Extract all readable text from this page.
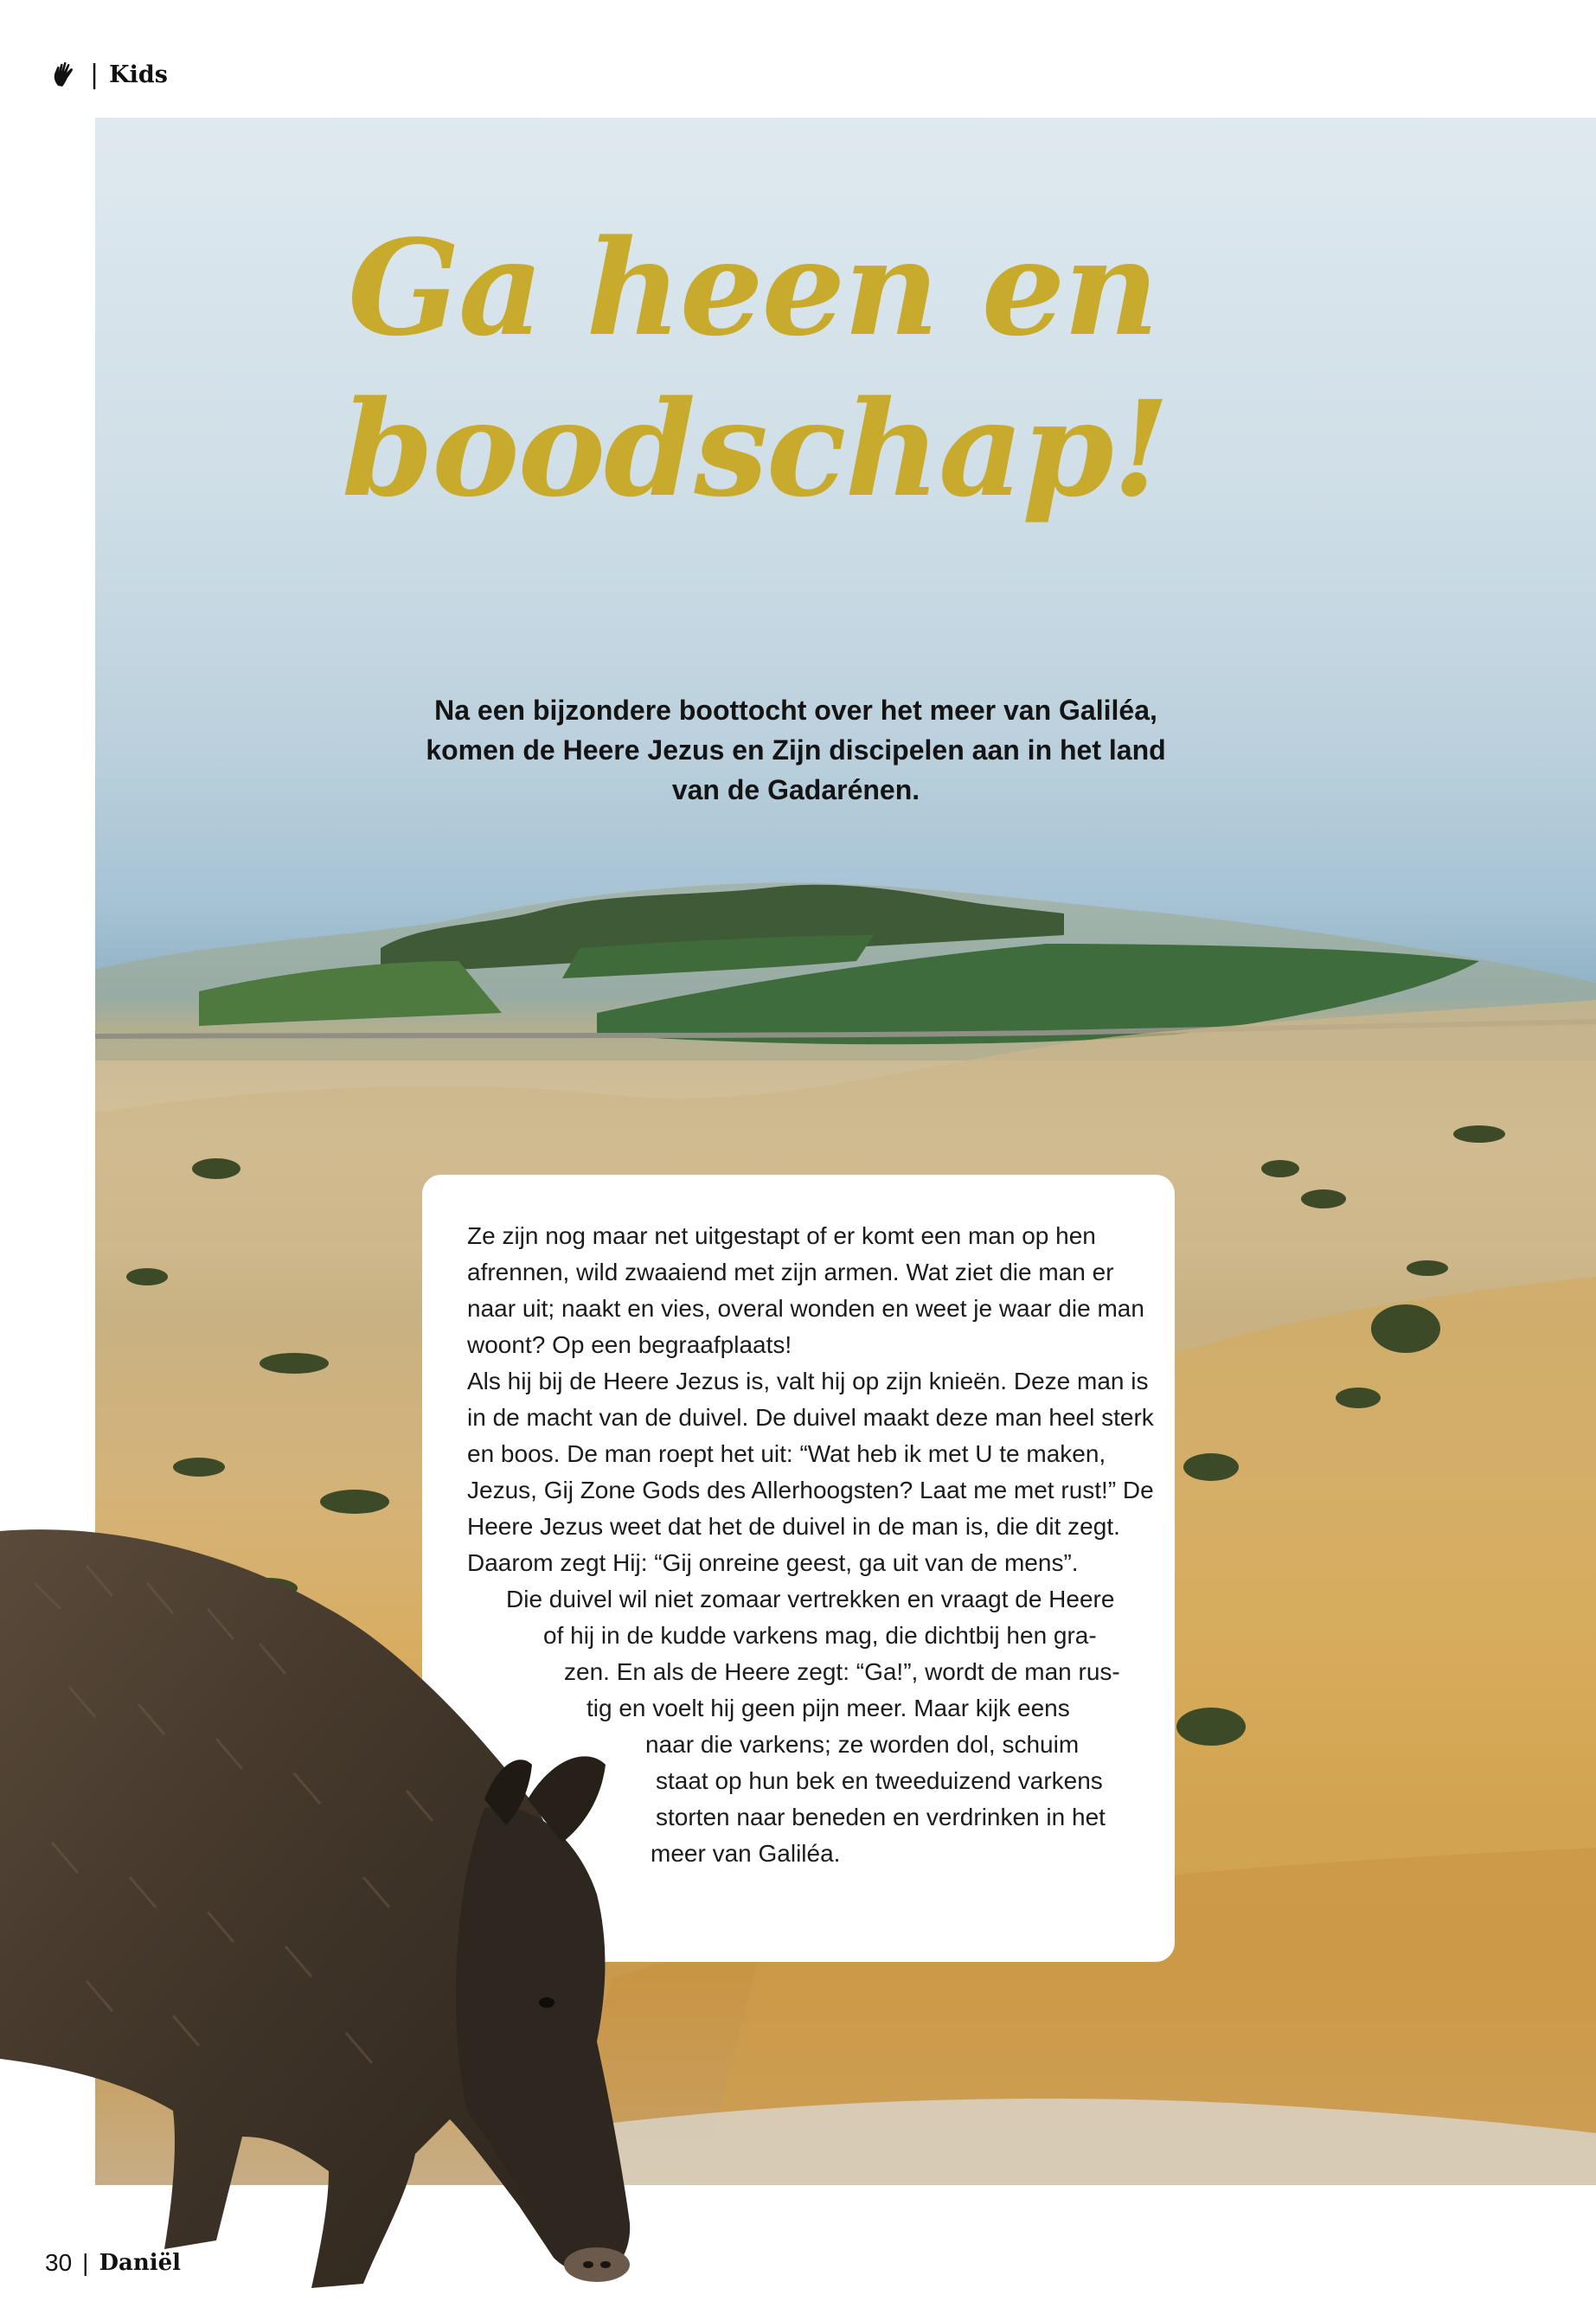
| Kids
Ga heen en
boodschap!
Na een bijzondere boottocht over het meer van Galiléa, komen de Heere Jezus en Zijn discipelen aan in het land van de Gadarénen.

Ze zijn nog maar net uitgestapt of er komt een man op hen afrennen, wild zwaaiend met zijn armen. Wat ziet die man er naar uit; naakt en vies, overal wonden en weet je waar die man woont? Op een begraafplaats!

Als hij bij de Heere Jezus is, valt hij op zijn knieën. Deze man is in de macht van de duivel. De duivel maakt deze man heel sterk en boos. De man roept het uit: “Wat heb ik met U te maken, Jezus, Gij Zone Gods des Allerhoogsten? Laat me met rust!” De Heere Jezus weet dat het de duivel in de man is, die dit zegt. Daarom zegt Hij: “Gij onreine geest, ga uit van de mens”.

Die duivel wil niet zomaar vertrekken en vraagt de Heere
of hij in de kudde varkens mag, die dichtbij hen gra-
zen. En als de Heere zegt: “Ga!”, wordt de man rus-
tig en voelt hij geen pijn meer. Maar kijk eens
naar die varkens; ze worden dol, schuim
staat op hun bek en tweeduizend varkens
storten naar beneden en verdrinken in het
meer van Galiléa.
30 | Daniël
